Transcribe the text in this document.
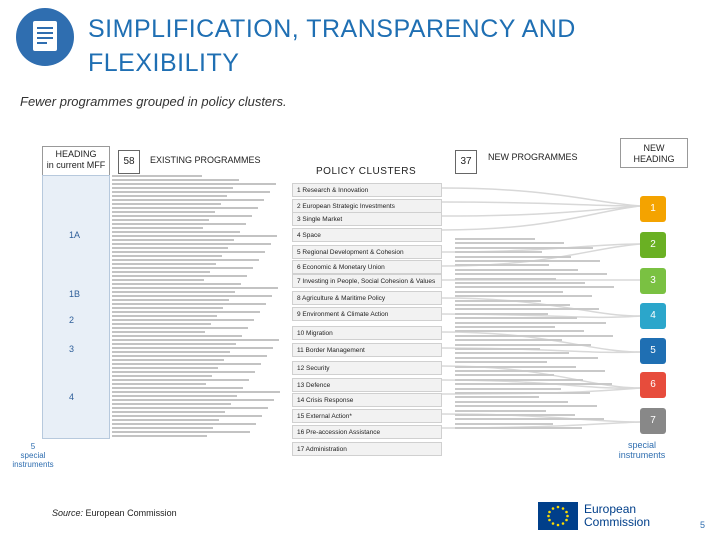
SIMPLIFICATION, TRANSPARENCY AND
FLEXIBILITY
Fewer programmes grouped in policy clusters.
HEADING
in current MFF	58	EXISTING PROGRAMMES
1A
1B
2
3
4
5
special
instruments
POLICY CLUSTERS
1 Research & Innovation
2 European Strategic Investments
3 Single Market
4 Space
5 Regional Development & Cohesion
6 Economic & Monetary Union
7 Investing in People, Social Cohesion & Values
8 Agriculture & Maritime Policy
9 Environment & Climate Action
10 Migration
11 Border Management
12 Security
13 Defence
14 Crisis Response
15 External Action*
16 Pre-accession Assistance
17 Administration
37	NEW PROGRAMMES
NEW
HEADING
1
2
3
4
5
6
7
special
instruments
Source: European Commission	European
Commission	5
